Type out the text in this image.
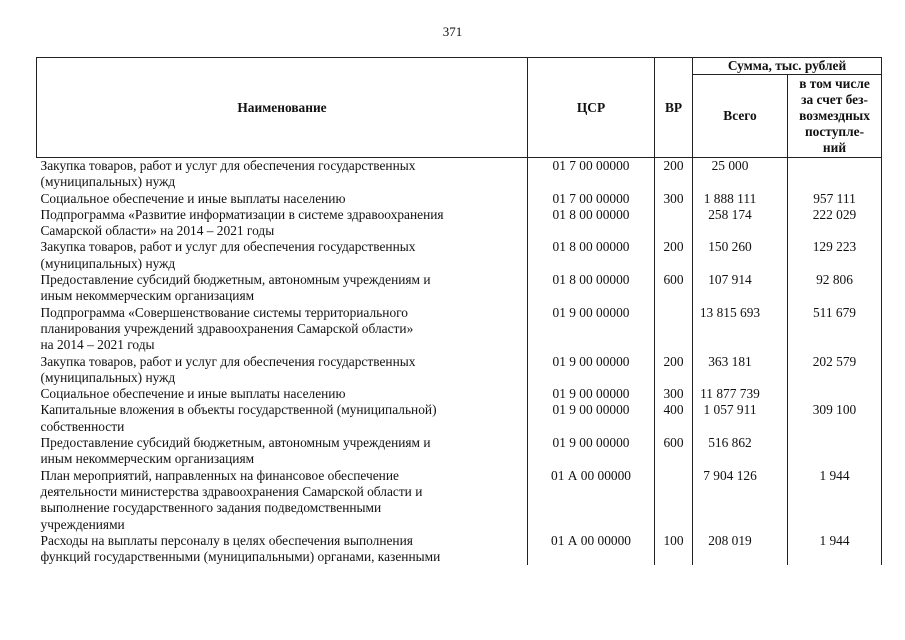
371
Наименование	ЦСР	ВР	Сумма, тыс. рублей	
			Всего	в том числе
за счет без-
возмездных
поступле-
ний
Закупка товаров, работ и услуг для обеспечения государственных
(муниципальных) нужд	01 7 00 00000	200	25 000	
Социальное обеспечение и иные выплаты населению	01 7 00 00000	300	1 888 111	957 111
Подпрограмма «Развитие информатизации в системе здравоохранения
Самарской области» на 2014 – 2021 годы	01 8 00 00000		258 174	222 029
Закупка товаров, работ и услуг для обеспечения государственных
(муниципальных) нужд	01 8 00 00000	200	150 260	129 223
Предоставление субсидий бюджетным, автономным учреждениям и
иным некоммерческим организациям	01 8 00 00000	600	107 914	92 806
Подпрограмма «Совершенствование системы территориального
планирования учреждений здравоохранения Самарской области»
на 2014 – 2021 годы	01 9 00 00000		13 815 693	511 679
Закупка товаров, работ и услуг для обеспечения государственных
(муниципальных) нужд	01 9 00 00000	200	363 181	202 579
Социальное обеспечение и иные выплаты населению	01 9 00 00000	300	11 877 739	
Капитальные вложения в объекты государственной (муниципальной)
собственности	01 9 00 00000	400	1 057 911	309 100
Предоставление субсидий бюджетным, автономным учреждениям и
иным некоммерческим организациям	01 9 00 00000	600	516 862	
План мероприятий, направленных на финансовое обеспечение
деятельности министерства здравоохранения Самарской области и
выполнение государственного задания подведомственными
учреждениями	01 А 00 00000		7 904 126	1 944
Расходы на выплаты персоналу в целях обеспечения выполнения
функций государственными (муниципальными) органами, казенными	01 А 00 00000	100	208 019	1 944
